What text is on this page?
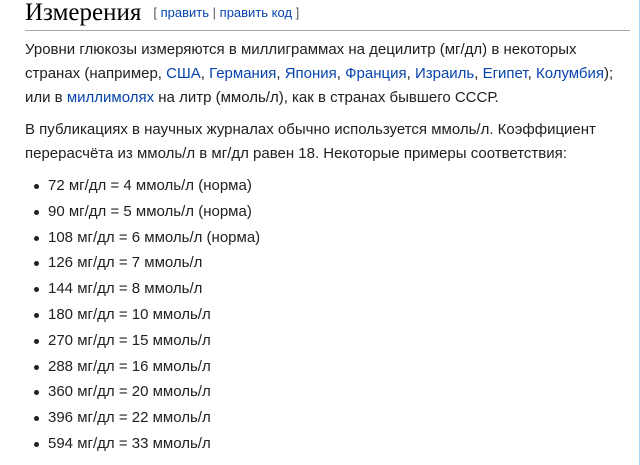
Измерения [ править | править код ]
Уровни глюкозы измеряются в миллиграммах на децилитр (мг/дл) в некоторых странах (например, США, Германия, Япония, Франция, Израиль, Египет, Колумбия); или в миллимолях на литр (ммоль/л), как в странах бывшего СССР.
В публикациях в научных журналах обычно используется ммоль/л. Коэффициент перерасчёта из ммоль/л в мг/дл равен 18. Некоторые примеры соответствия:
72 мг/дл = 4 ммоль/л (норма)
90 мг/дл = 5 ммоль/л (норма)
108 мг/дл = 6 ммоль/л (норма)
126 мг/дл = 7 ммоль/л
144 мг/дл = 8 ммоль/л
180 мг/дл = 10 ммоль/л
270 мг/дл = 15 ммоль/л
288 мг/дл = 16 ммоль/л
360 мг/дл = 20 ммоль/л
396 мг/дл = 22 ммоль/л
594 мг/дл = 33 ммоль/л
